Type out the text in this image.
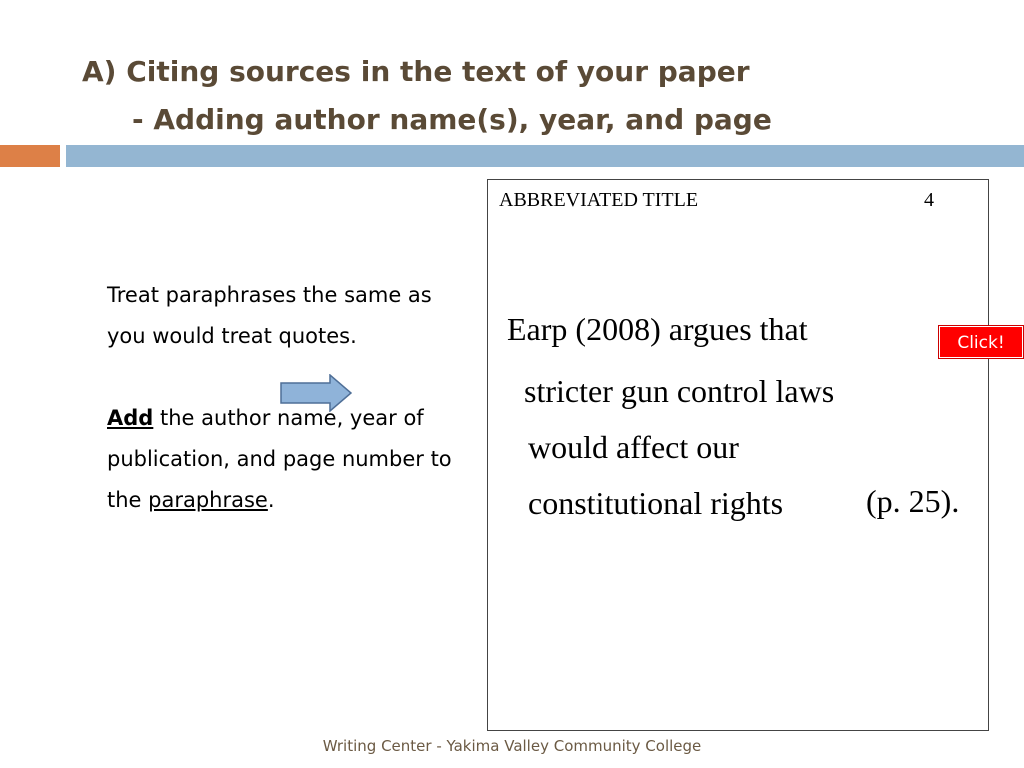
A) Citing sources in the text of your paper
- Adding author name(s), year, and page

Treat paraphrases the same as you would treat quotes.

Add the author name, year of publication, and page number to the paraphrase.

ABBREVIATED TITLE	4
Earp (2008) argues that
stricter gun control laws
would affect our
constitutional rights	(p. 25).
Click!
Writing Center - Yakima Valley Community College
